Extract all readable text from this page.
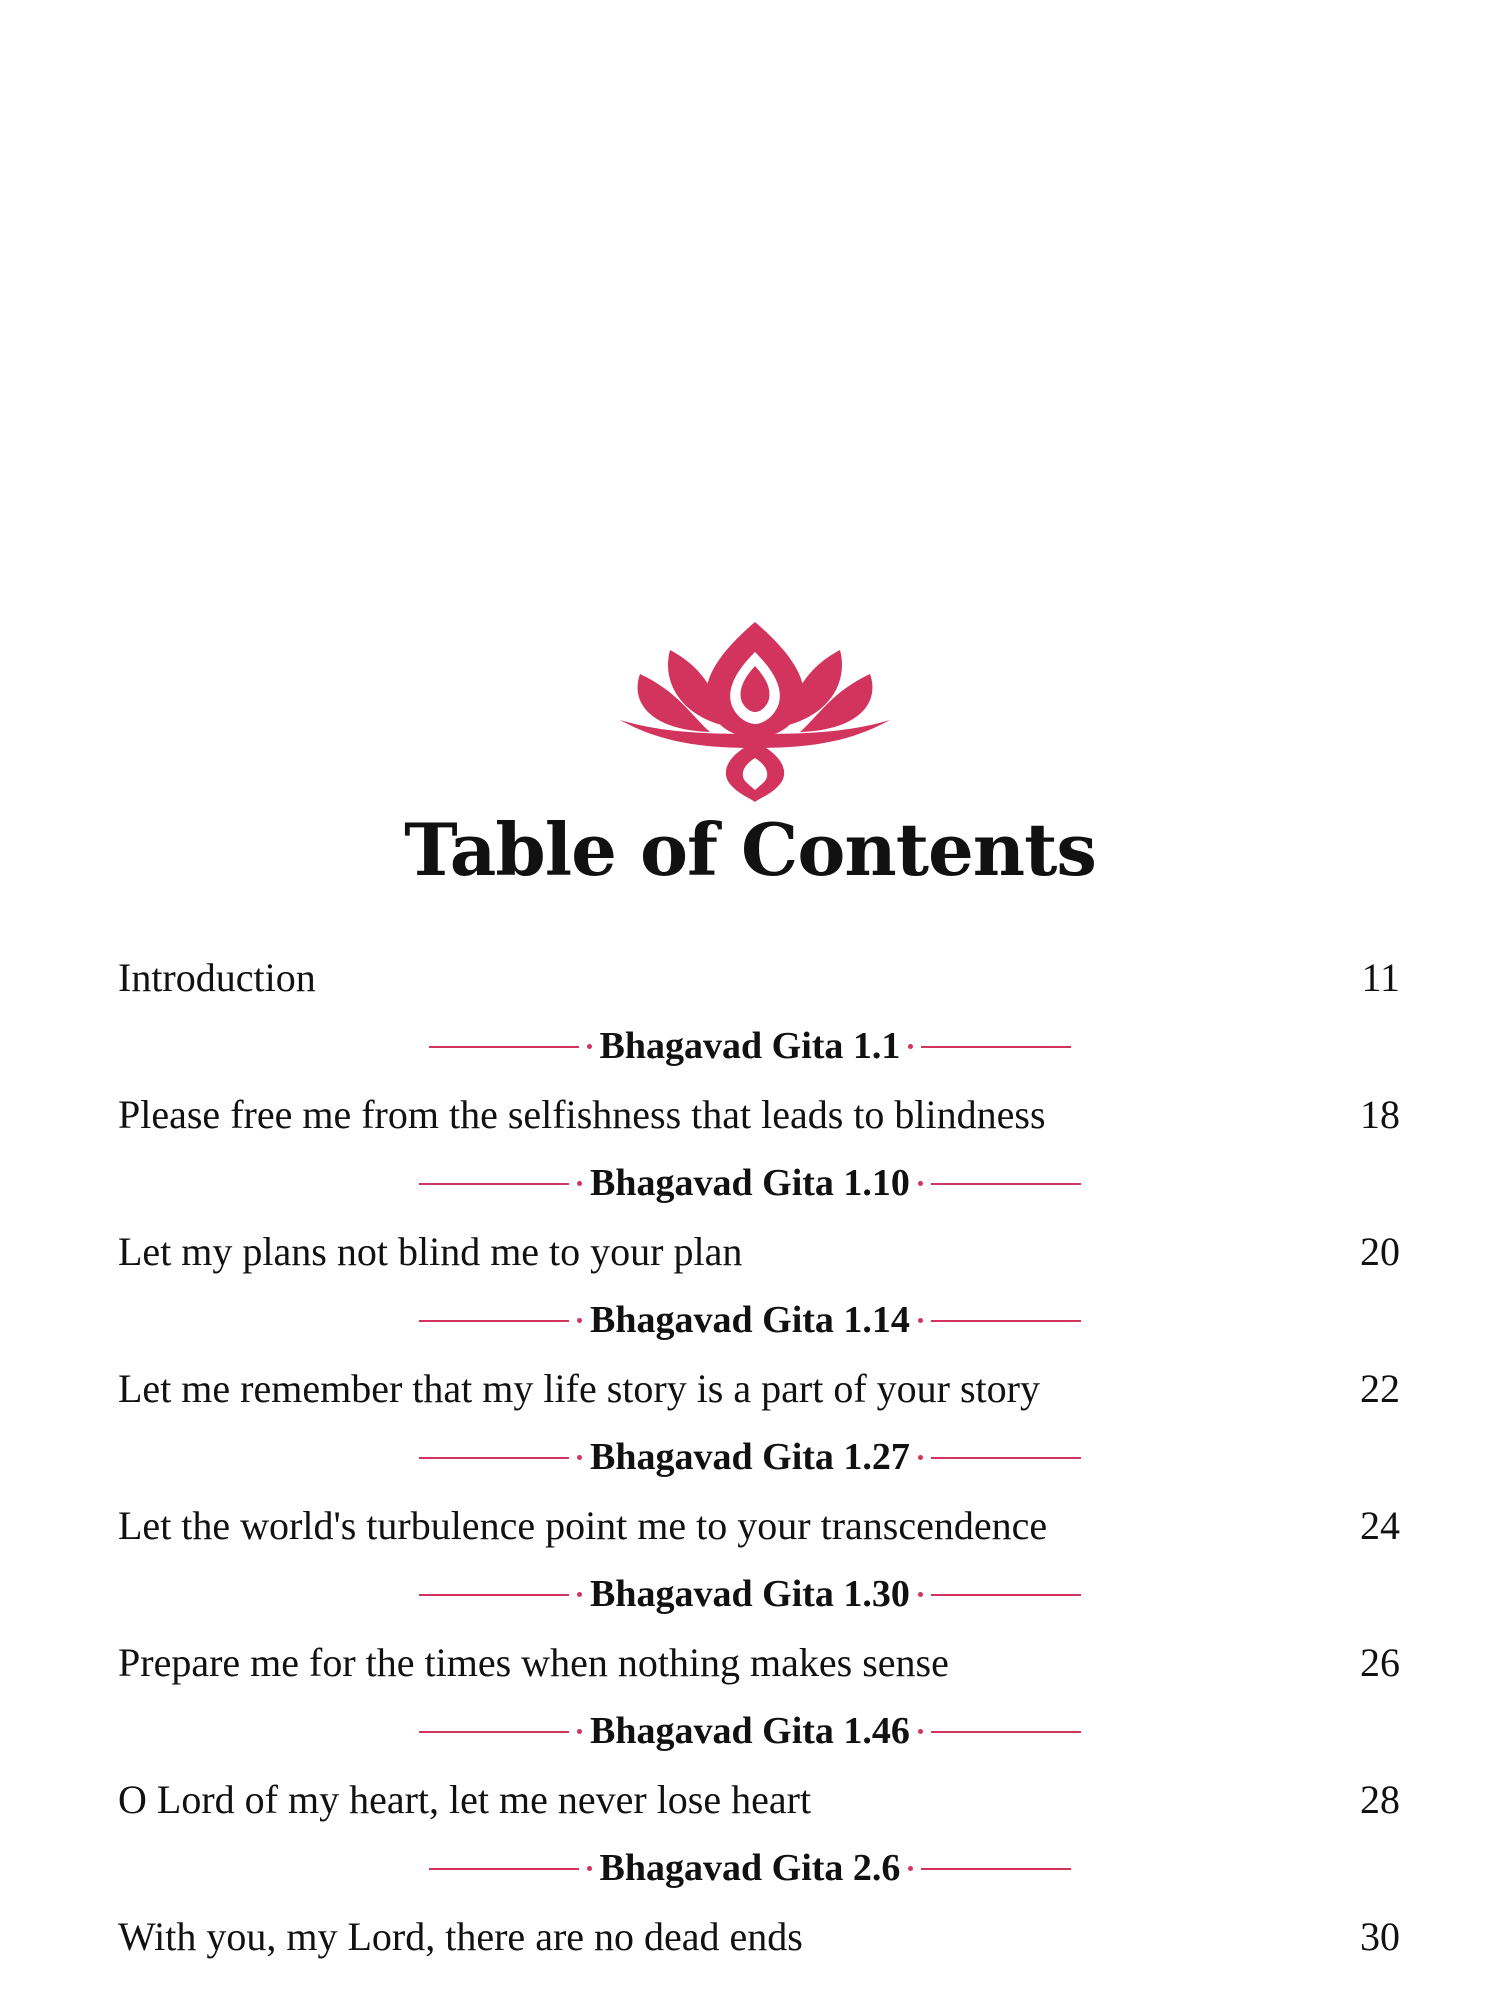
Table of Contents
Introduction	11
Bhagavad Gita 1.1
Please free me from the selfishness that leads to blindness	18
Bhagavad Gita 1.10
Let my plans not blind me to your plan	20
Bhagavad Gita 1.14
Let me remember that my life story is a part of your story	22
Bhagavad Gita 1.27
Let the world's turbulence point me to your transcendence	24
Bhagavad Gita 1.30
Prepare me for the times when nothing makes sense	26
Bhagavad Gita 1.46
O Lord of my heart, let me never lose heart	28
Bhagavad Gita 2.6
With you, my Lord, there are no dead ends	30
